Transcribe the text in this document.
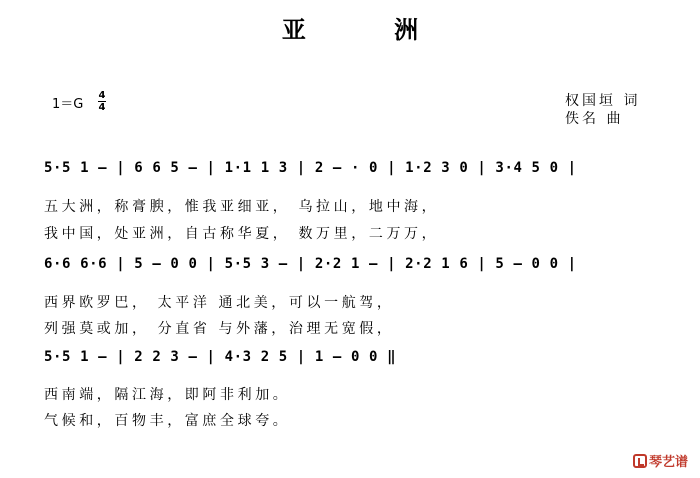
亚 洲
1＝G
4
4	权国垣 词
佚名 曲
5·5 1 — | 6 6 5 — | 1·1 1 3 | 2 — · 0 | 1·2 3 0 | 3·4 5 0 |
五大洲，称膏腴，惟我亚细亚， 乌拉山，地中海，
我中国，处亚洲，自古称华夏， 数万里，二万万，
6·6 6·6 | 5 — 0 0 | 5·5 3 — | 2·2 1 — | 2·2 1 6 | 5 — 0 0 |
西界欧罗巴， 太平洋 通北美，可以一航驾，
列强莫或加， 分直省 与外藩，治理无宽假，
5·5 1 — | 2 2 3 — | 4·3 2 5 | 1 — 0 0 ‖
西南端，隔江海，即阿非利加。
气候和，百物丰，富庶全球夸。
琴艺谱
